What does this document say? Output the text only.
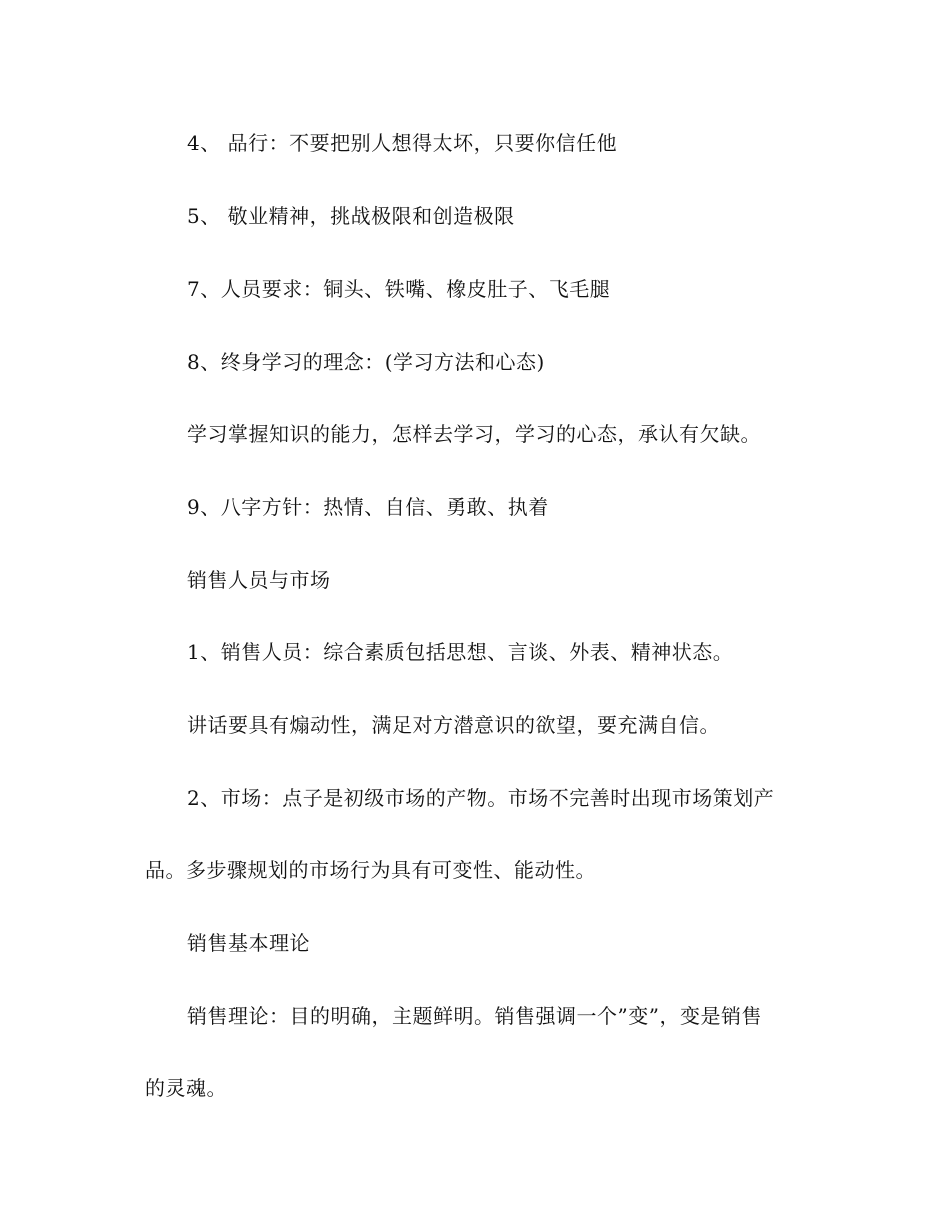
4、 品行：不要把别人想得太坏，只要你信任他
5、 敬业精神，挑战极限和创造极限
7、人员要求：铜头、铁嘴、橡皮肚子、飞毛腿
8、终身学习的理念：(学习方法和心态)
学习掌握知识的能力，怎样去学习，学习的心态，承认有欠缺。
9、八字方针：热情、自信、勇敢、执着
销售人员与市场
1、销售人员：综合素质包括思想、言谈、外表、精神状态。
讲话要具有煽动性，满足对方潜意识的欲望，要充满自信。
2、市场：点子是初级市场的产物。市场不完善时出现市场策划产
品。多步骤规划的市场行为具有可变性、能动性。
销售基本理论
销售理论：目的明确，主题鲜明。销售强调一个”变”，变是销售
的灵魂。
